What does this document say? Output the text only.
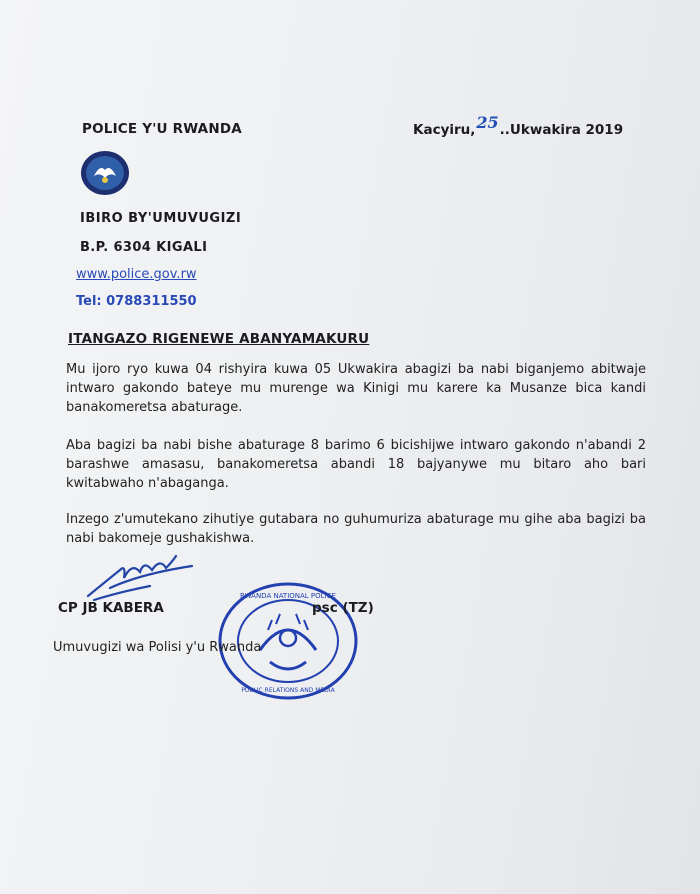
POLICE Y'U RWANDA	Kacyiru,25..Ukwakira 2019
IBIRO BY'UMUVUGIZI
B.P. 6304 KIGALI
www.police.gov.rw
Tel: 0788311550
ITANGAZO RIGENEWE ABANYAMAKURU
Mu ijoro ryo kuwa 04 rishyira kuwa 05 Ukwakira abagizi ba nabi biganjemo abitwaje intwaro gakondo bateye mu murenge wa Kinigi mu karere ka Musanze bica kandi banakomeretsa abaturage.
Aba bagizi ba nabi bishe abaturage 8 barimo 6 bicishijwe intwaro gakondo n'abandi 2 barashwe amasasu, banakomeretsa abandi 18 bajyanywe mu bitaro aho bari kwitabwaho n'abaganga.
Inzego z'umutekano zihutiye gutabara no guhumuriza abaturage mu gihe aba bagizi ba nabi bakomeje gushakishwa.
RWANDA NATIONAL POLICE
PUBLIC RELATIONS AND MEDIA
CP JB KABERA	psc (TZ)
Umuvugizi wa Polisi y'u Rwanda
